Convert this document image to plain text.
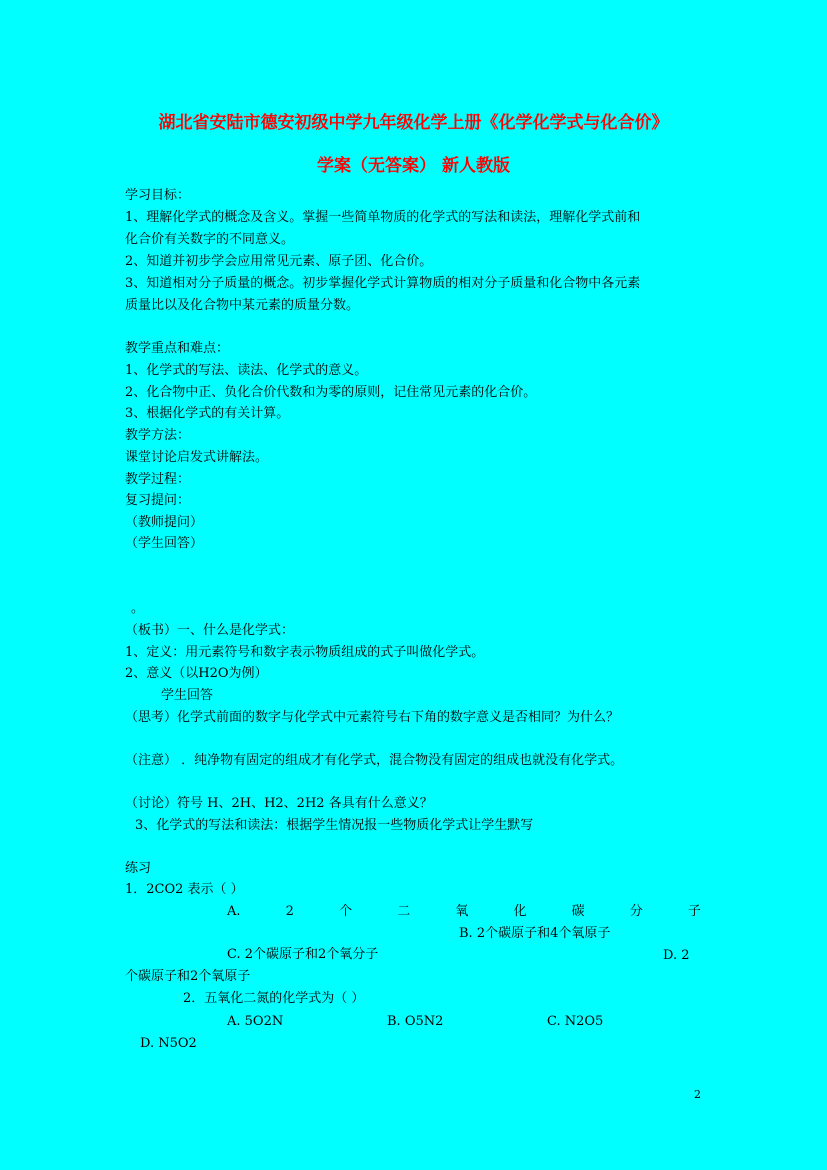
湖北省安陆市德安初级中学九年级化学上册《化学化学式与化合价》
学案（无答案） 新人教版
学习目标：
1、理解化学式的概念及含义。掌握一些简单物质的化学式的写法和读法，理解化学式前和
化合价有关数字的不同意义。
2、知道并初步学会应用常见元素、原子团、化合价。
3、知道相对分子质量的概念。初步掌握化学式计算物质的相对分子质量和化合物中各元素
质量比以及化合物中某元素的质量分数。
教学重点和难点：
1、化学式的写法、读法、化学式的意义。
2、化合物中正、负化合价代数和为零的原则，记住常见元素的化合价。
3、根据化学式的有关计算。
教学方法：
课堂讨论启发式讲解法。
教学过程：
复习提问：
（教师提问）
（学生回答）
。
（板书）一、什么是化学式：
1、定义：用元素符号和数字表示物质组成的式子叫做化学式。
2、意义（以H2O为例）
学生回答
（思考）化学式前面的数字与化学式中元素符号右下角的数字意义是否相同？为什么？
（注意） ．纯净物有固定的组成才有化学式，混合物没有固定的组成也就没有化学式。
（讨论）符号 H、2H、H2、2H2 各具有什么意义？
3、化学式的写法和读法：根据学生情况报一些物质化学式让学生默写
练习
1．2CO2 表示（ ）
A.	2	个	二	氧	化	碳	分	子
B. 2个碳原子和4个氧原子
C. 2个碳原子和2个氧分子	D. 2
个碳原子和2个氧原子
2．五氧化二氮的化学式为（ ）
A. 5O2N	B. O5N2	C. N2O5
D. N5O2
2
